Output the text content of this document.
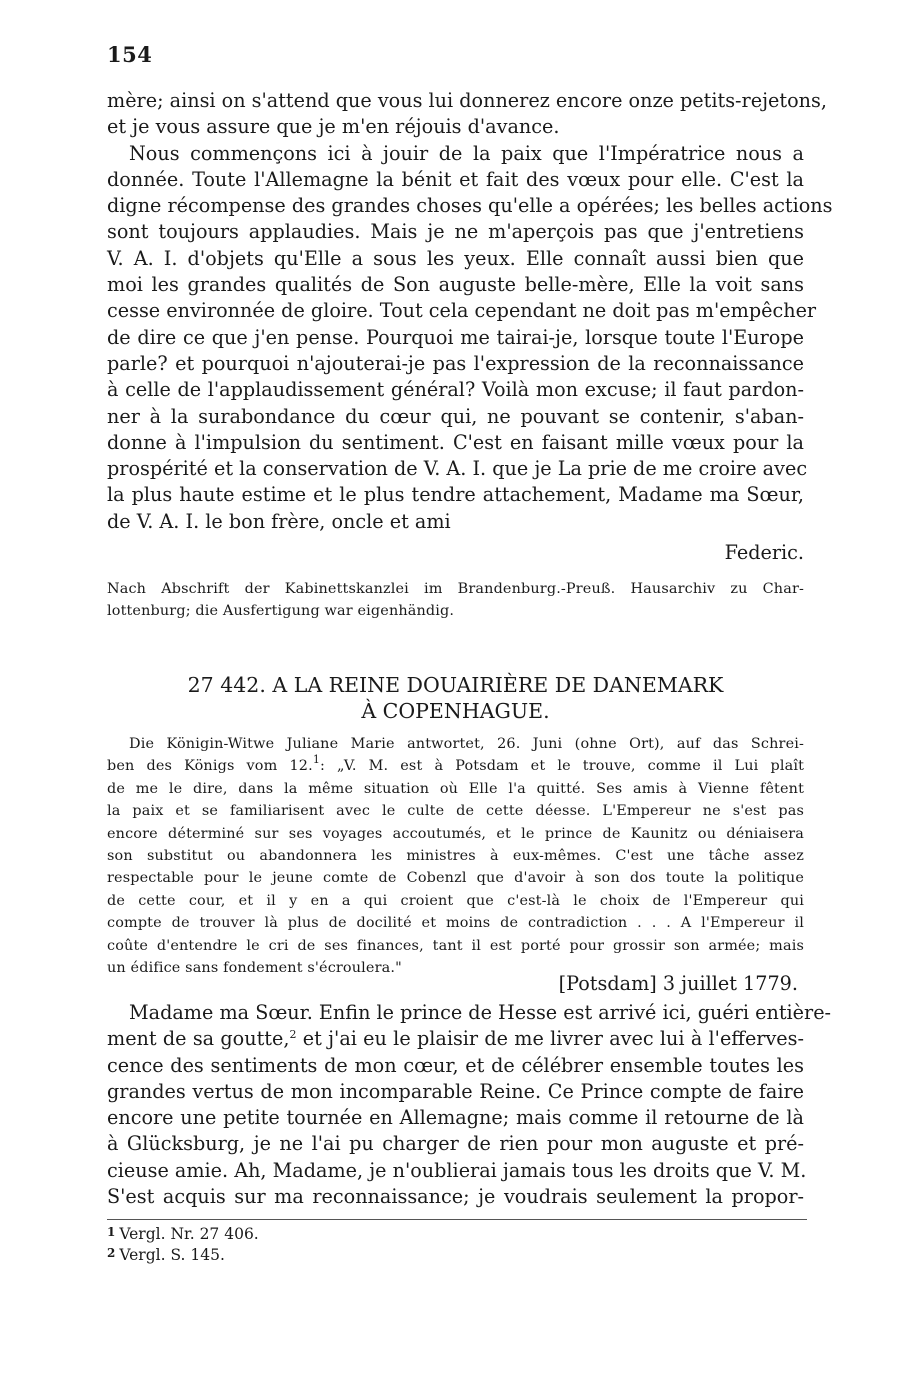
154
mère; ainsi on s'attend que vous lui donnerez encore onze petits-rejetons,
et je vous assure que je m'en réjouis d'avance.
Nous commençons ici à jouir de la paix que l'Impératrice nous a
donnée. Toute l'Allemagne la bénit et fait des vœux pour elle. C'est la
digne récompense des grandes choses qu'elle a opérées; les belles actions
sont toujours applaudies. Mais je ne m'aperçois pas que j'entretiens
V. A. I. d'objets qu'Elle a sous les yeux. Elle connaît aussi bien que
moi les grandes qualités de Son auguste belle-mère, Elle la voit sans
cesse environnée de gloire. Tout cela cependant ne doit pas m'empêcher
de dire ce que j'en pense. Pourquoi me tairai-je, lorsque toute l'Europe
parle? et pourquoi n'ajouterai-je pas l'expression de la reconnaissance
à celle de l'applaudissement général? Voilà mon excuse; il faut pardon-
ner à la surabondance du cœur qui, ne pouvant se contenir, s'aban-
donne à l'impulsion du sentiment. C'est en faisant mille vœux pour la
prospérité et la conservation de V. A. I. que je La prie de me croire avec
la plus haute estime et le plus tendre attachement, Madame ma Sœur,
de V. A. I. le bon frère, oncle et ami
Federic.
Nach Abschrift der Kabinettskanzlei im Brandenburg.-Preuß. Hausarchiv zu Char-
lottenburg; die Ausfertigung war eigenhändig.
27 442. A LA REINE DOUAIRIÈRE DE DANEMARK
À COPENHAGUE.
Die Königin-Witwe Juliane Marie antwortet, 26. Juni (ohne Ort), auf das Schrei-
ben des Königs vom 12.$^1$: „V. M. est à Potsdam et le trouve, comme il Lui plaît
de me le dire, dans la même situation où Elle l'a quitté. Ses amis à Vienne fêtent
la paix et se familiarisent avec le culte de cette déesse. L'Empereur ne s'est pas
encore déterminé sur ses voyages accoutumés, et le prince de Kaunitz ou déniaisera
son substitut ou abandonnera les ministres à eux-mêmes. C'est une tâche assez
respectable pour le jeune comte de Cobenzl que d'avoir à son dos toute la politique
de cette cour, et il y en a qui croient que c'est-là le choix de l'Empereur qui
compte de trouver là plus de docilité et moins de contradiction . . . A l'Empereur il
coûte d'entendre le cri de ses finances, tant il est porté pour grossir son armée; mais
un édifice sans fondement s'écroulera."
[Potsdam] 3 juillet 1779.
Madame ma Sœur. Enfin le prince de Hesse est arrivé ici, guéri entière-
ment de sa goutte,$^2$ et j'ai eu le plaisir de me livrer avec lui à l'efferves-
cence des sentiments de mon cœur, et de célébrer ensemble toutes les
grandes vertus de mon incomparable Reine. Ce Prince compte de faire
encore une petite tournée en Allemagne; mais comme il retourne de là
à Glücksburg, je ne l'ai pu charger de rien pour mon auguste et pré-
cieuse amie. Ah, Madame, je n'oublierai jamais tous les droits que V. M.
S'est acquis sur ma reconnaissance; je voudrais seulement la propor-
1 Vergl. Nr. 27 406.
2 Vergl. S. 145.
